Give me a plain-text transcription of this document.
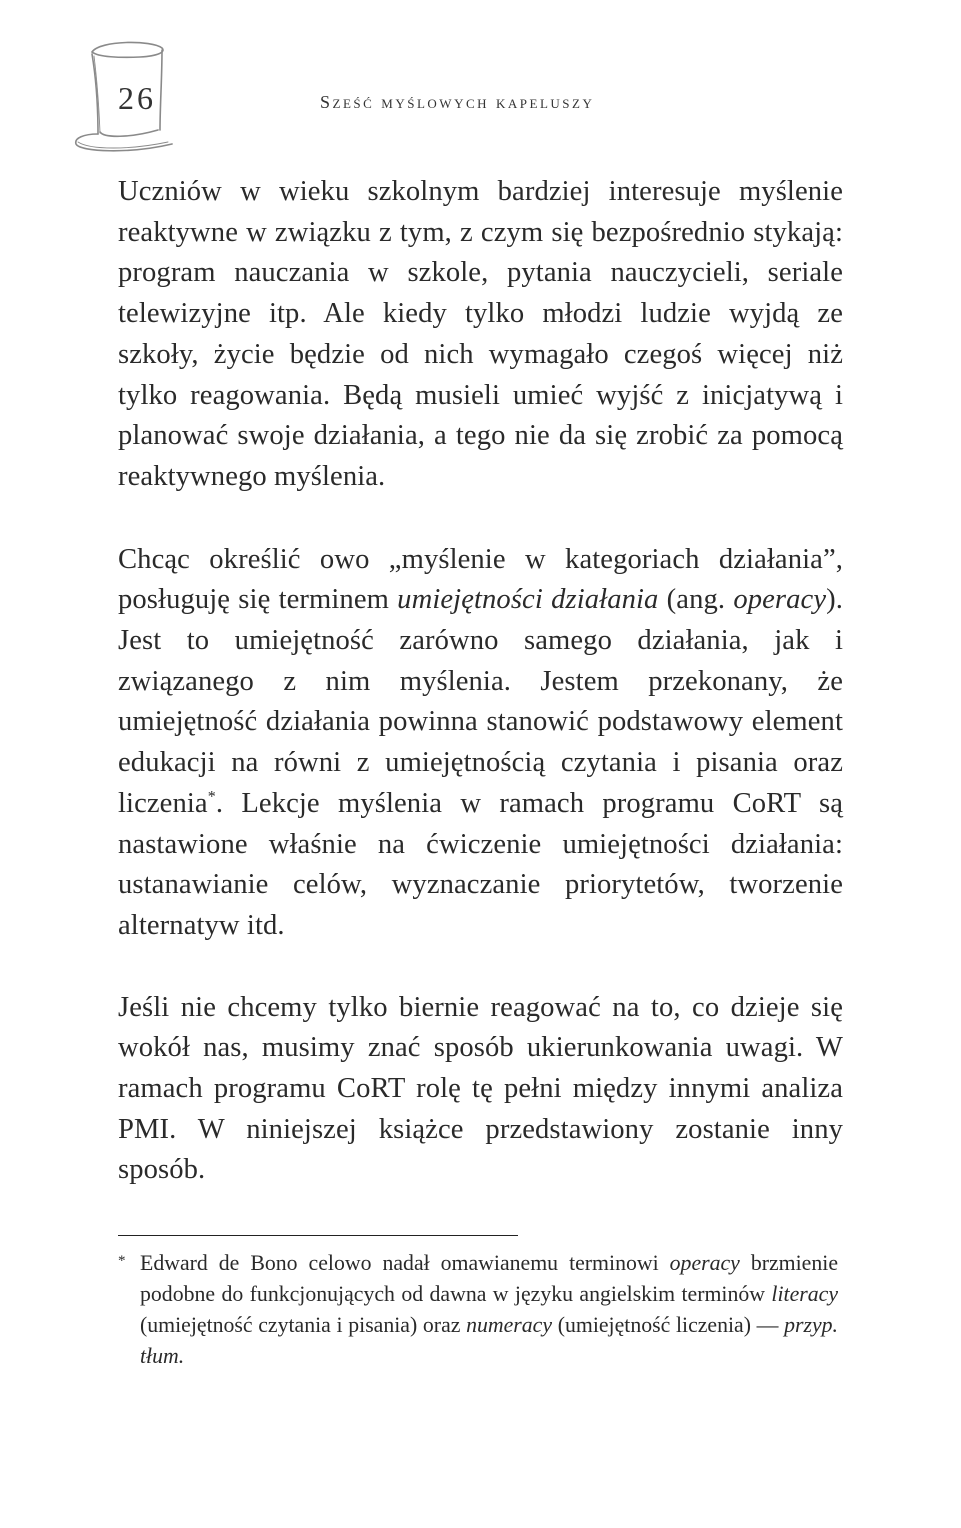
26	Sześć myślowych kapeluszy

Uczniów w wieku szkolnym bardziej interesuje myślenie reaktywne w związku z tym, z czym się bezpośrednio stykają: program nauczania w szkole, pytania nauczycieli, seriale telewizyjne itp. Ale kiedy tylko młodzi ludzie wyjdą ze szkoły, życie będzie od nich wymagało czegoś więcej niż tylko reagowania. Będą musieli umieć wyjść z inicjatywą i planować swoje działania, a tego nie da się zrobić za pomocą reaktywnego myślenia.

Chcąc określić owo „myślenie w kategoriach działania”, posługuję się terminem umiejętności działania (ang. operacy). Jest to umiejętność zarówno samego działania, jak i związanego z nim myślenia. Jestem przekonany, że umiejętność działania powinna stanowić podstawowy element edukacji na równi z umiejętnością czytania i pisania oraz liczenia*. Lekcje myślenia w ramach programu CoRT są nastawione właśnie na ćwiczenie umiejętności działania: ustanawianie celów, wyznaczanie priorytetów, tworzenie alternatyw itd.

Jeśli nie chcemy tylko biernie reagować na to, co dzieje się wokół nas, musimy znać sposób ukierunkowania uwagi. W ramach programu CoRT rolę tę pełni między innymi analiza PMI. W niniejszej książce przedstawiony zostanie inny sposób.

* Edward de Bono celowo nadał omawianemu terminowi operacy brzmienie podobne do funkcjonujących od dawna w języku angielskim terminów literacy (umiejętność czytania i pisania) oraz numeracy (umiejętność liczenia) — przyp. tłum.
